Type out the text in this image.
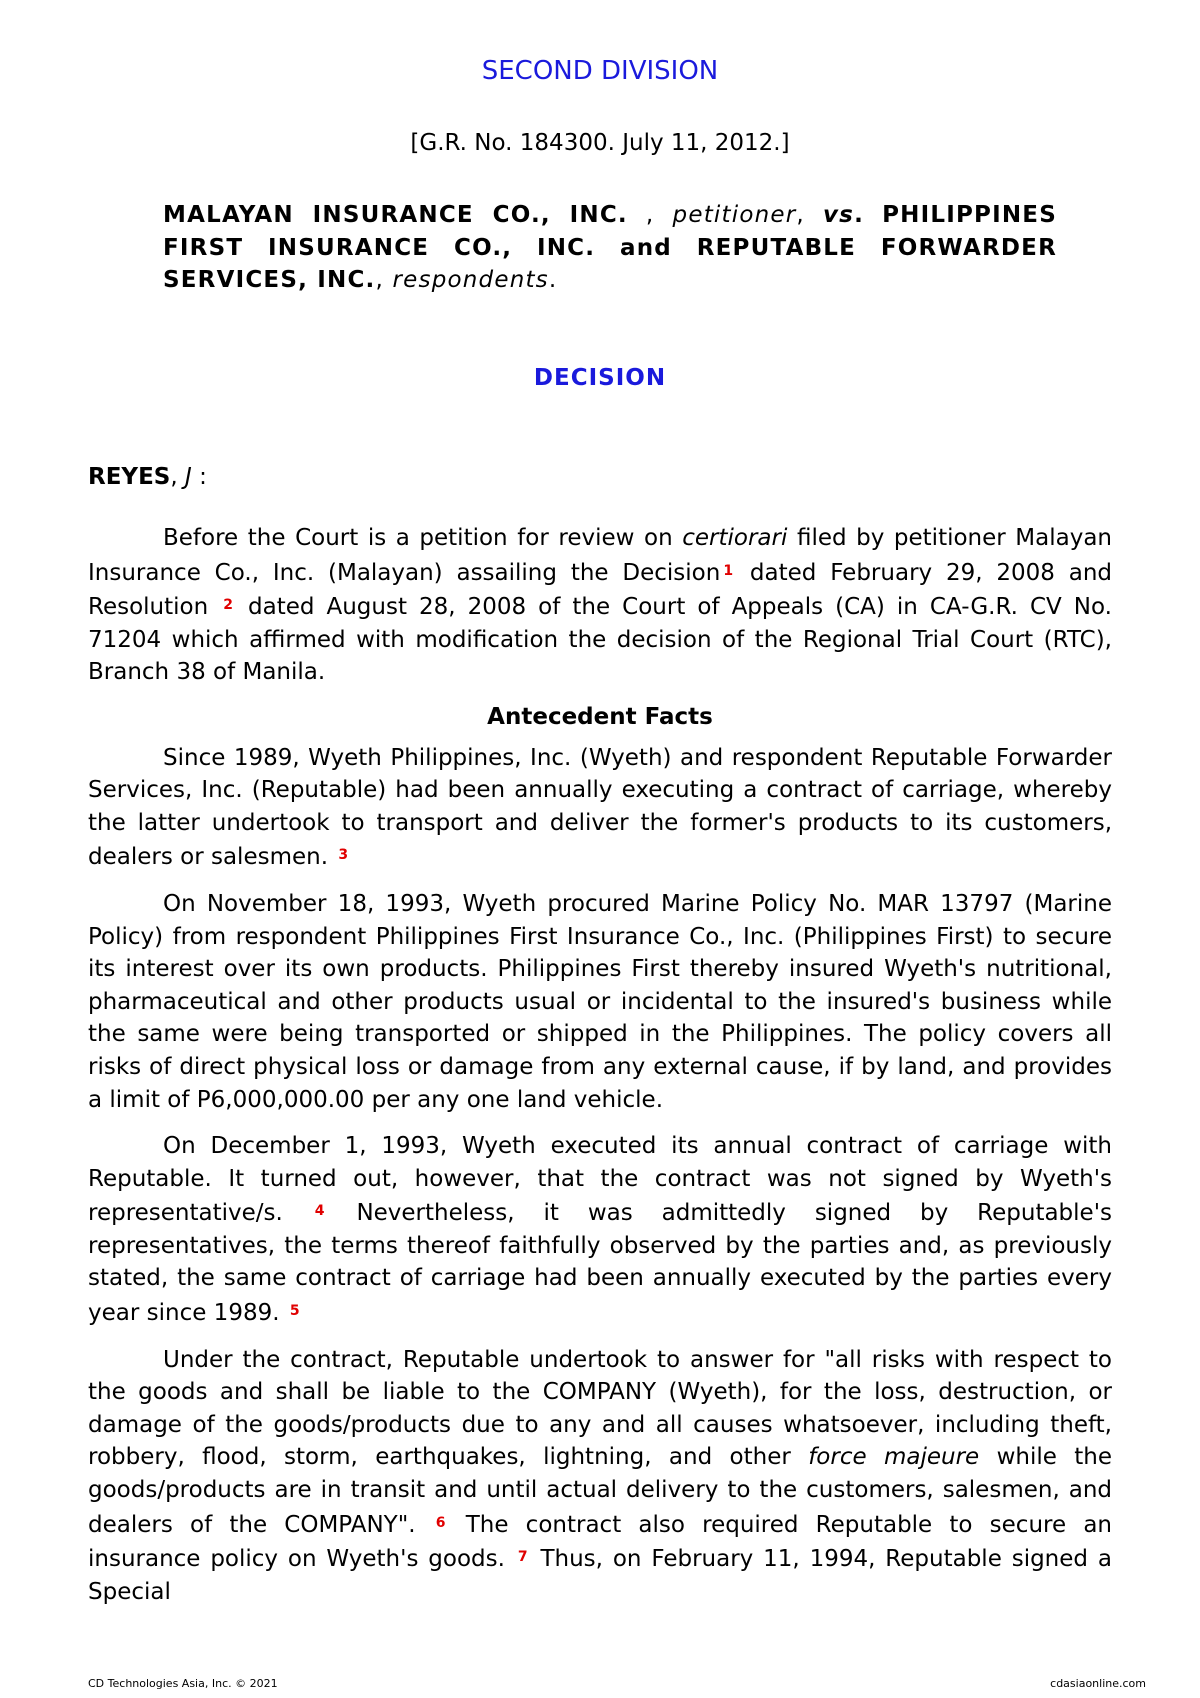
SECOND DIVISION
[G.R. No. 184300. July 11, 2012.]
MALAYAN INSURANCE CO., INC. , petitioner, vs. PHILIPPINES FIRST INSURANCE CO., INC. and REPUTABLE FORWARDER SERVICES, INC., respondents.
DECISION
REYES, J :

Before the Court is a petition for review on certiorari filed by petitioner Malayan Insurance Co., Inc. (Malayan) assailing the Decision $^1$ dated February 29, 2008 and Resolution $^2$ dated August 28, 2008 of the Court of Appeals (CA) in CA-G.R. CV No. 71204 which affirmed with modification the decision of the Regional Trial Court (RTC), Branch 38 of Manila.

Antecedent Facts

Since 1989, Wyeth Philippines, Inc. (Wyeth) and respondent Reputable Forwarder Services, Inc. (Reputable) had been annually executing a contract of carriage, whereby the latter undertook to transport and deliver the former's products to its customers, dealers or salesmen. $^3$

On November 18, 1993, Wyeth procured Marine Policy No. MAR 13797 (Marine Policy) from respondent Philippines First Insurance Co., Inc. (Philippines First) to secure its interest over its own products. Philippines First thereby insured Wyeth's nutritional, pharmaceutical and other products usual or incidental to the insured's business while the same were being transported or shipped in the Philippines. The policy covers all risks of direct physical loss or damage from any external cause, if by land, and provides a limit of P6,000,000.00 per any one land vehicle.

On December 1, 1993, Wyeth executed its annual contract of carriage with Reputable. It turned out, however, that the contract was not signed by Wyeth's representative/s. $^4$ Nevertheless, it was admittedly signed by Reputable's representatives, the terms thereof faithfully observed by the parties and, as previously stated, the same contract of carriage had been annually executed by the parties every year since 1989. $^5$

Under the contract, Reputable undertook to answer for "all risks with respect to the goods and shall be liable to the COMPANY (Wyeth), for the loss, destruction, or damage of the goods/products due to any and all causes whatsoever, including theft, robbery, flood, storm, earthquakes, lightning, and other force majeure while the goods/products are in transit and until actual delivery to the customers, salesmen, and dealers of the COMPANY". $^6$ The contract also required Reputable to secure an insurance policy on Wyeth's goods. $^7$ Thus, on February 11, 1994, Reputable signed a Special

CD Technologies Asia, Inc. © 2021	cdasiaonline.com
